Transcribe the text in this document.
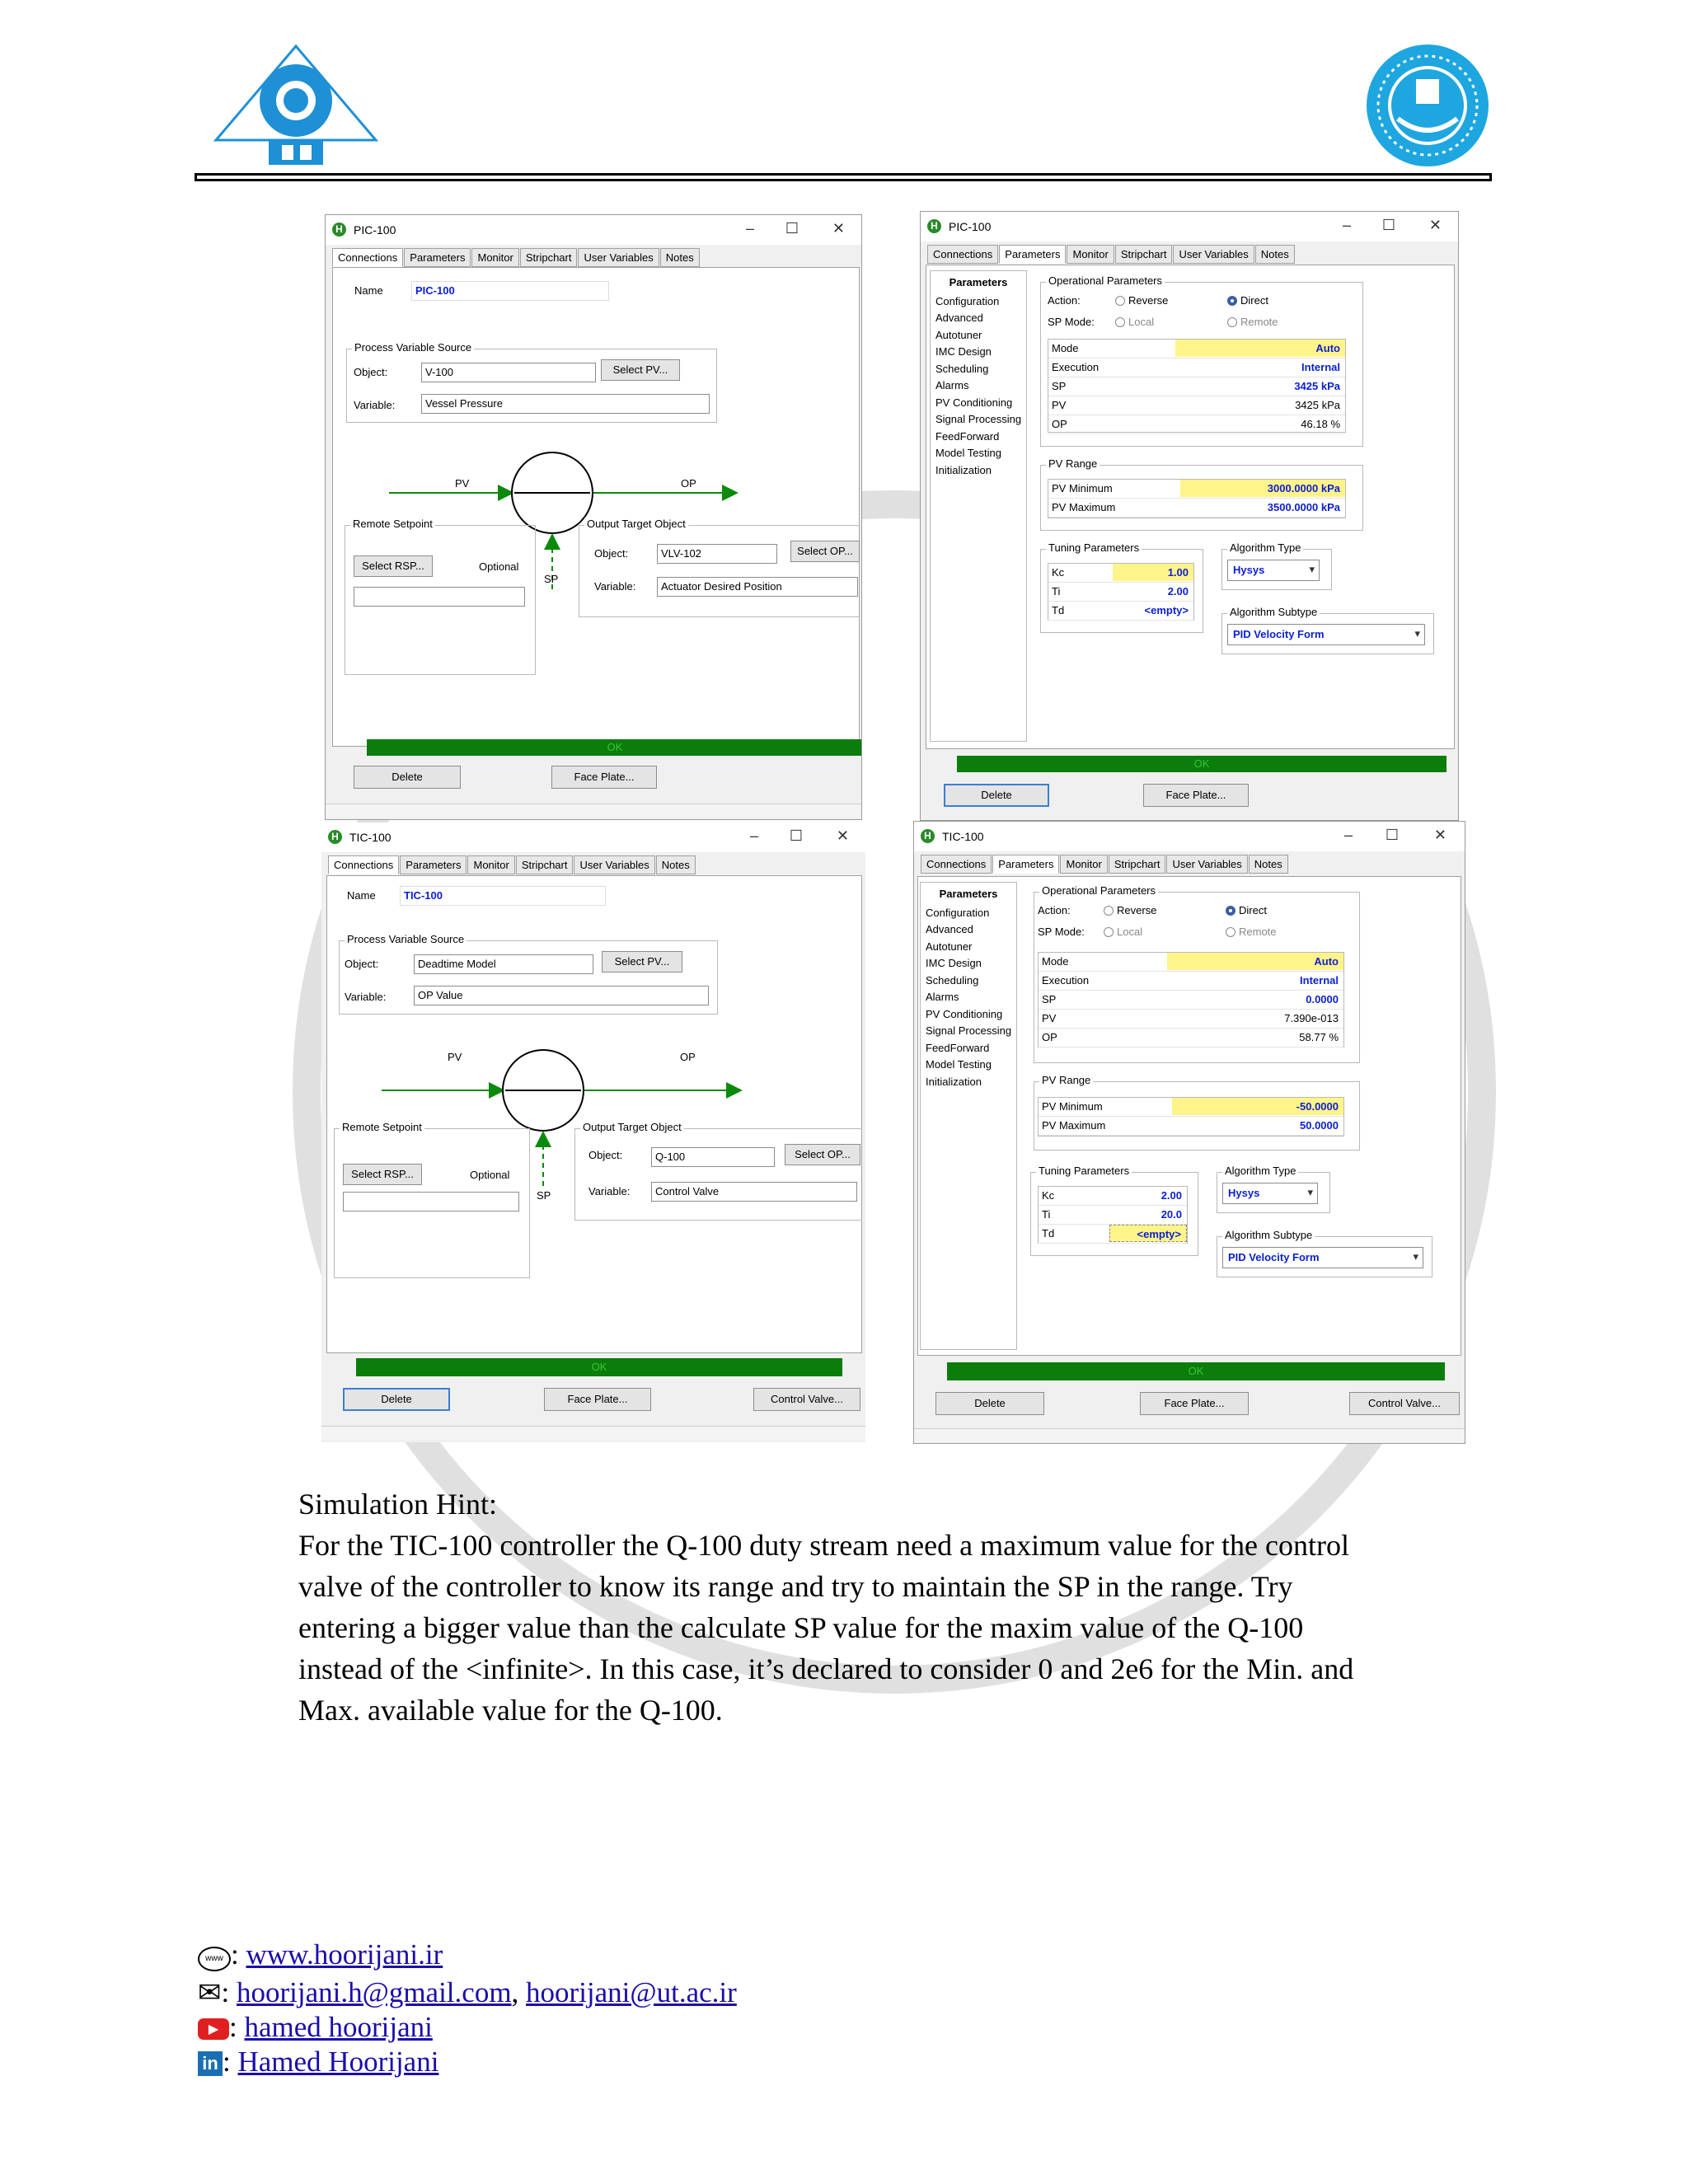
H PIC-100	– ☐ ✕
Connections	Parameters	Monitor	Stripchart	User Variables	Notes
Name	PIC-100
Process Variable Source
Object:	V-100	Select PV...
Variable:	Vessel Pressure
PV	OP
SP
Remote Setpoint
Select RSP...	Optional
Output Target Object
Object:	VLV-102	Select OP...
Variable:	Actuator Desired Position
OK
Delete	Face Plate...
H PIC-100	– ☐ ✕
Connections	Parameters	Monitor	Stripchart	User Variables	Notes
Parameters
Configuration
Advanced
Autotuner
IMC Design
Scheduling
Alarms
PV Conditioning
Signal Processing
FeedForward
Model Testing
Initialization
Operational Parameters
Action:	Reverse	Direct
SP Mode:	Local	Remote
Mode	Auto
Execution	Internal
SP	3425 kPa
PV	3425 kPa
OP	46.18 %
PV Range
PV Minimum	3000.0000 kPa
PV Maximum	3500.0000 kPa
Tuning Parameters
Kc	1.00
Ti	2.00
Td	<empty>
Algorithm Type
Hysys ▾
Algorithm Subtype
PID Velocity Form ▾
OK
Delete	Face Plate...
H TIC-100	– ☐ ✕
Connections	Parameters	Monitor	Stripchart	User Variables	Notes
Name	TIC-100
Process Variable Source
Object:	Deadtime Model	Select PV...
Variable:	OP Value
PV	OP
SP
Remote Setpoint
Select RSP...	Optional
Output Target Object
Object:	Q-100	Select OP...
Variable:	Control Valve
OK
Delete	Face Plate...	Control Valve...
H TIC-100	– ☐ ✕
Connections	Parameters	Monitor	Stripchart	User Variables	Notes
Parameters
Configuration
Advanced
Autotuner
IMC Design
Scheduling
Alarms
PV Conditioning
Signal Processing
FeedForward
Model Testing
Initialization
Operational Parameters
Action:	Reverse	Direct
SP Mode:	Local	Remote
Mode	Auto
Execution	Internal
SP	0.0000
PV	7.390e-013
OP	58.77 %
PV Range
PV Minimum	-50.0000
PV Maximum	50.0000
Tuning Parameters
Kc	2.00
Ti	20.0
Td	<empty>
Algorithm Type
Hysys ▾
Algorithm Subtype
PID Velocity Form ▾
OK
Delete	Face Plate...	Control Valve...
Simulation Hint:
For the TIC-100 controller the Q-100 duty stream need a maximum value for the control
valve of the controller to know its range and try to maintain the SP in the range. Try
entering a bigger value than the calculate SP value for the maxim value of the Q-100
instead of the <infinite>. In this case, it’s declared to consider 0 and 2e6 for the Min. and
Max. available value for the Q-100.
www : www.hoorijani.ir
✉: hoorijani.h@gmail.com, hoorijani@ut.ac.ir
▶ : hamed hoorijani
in : Hamed Hoorijani
